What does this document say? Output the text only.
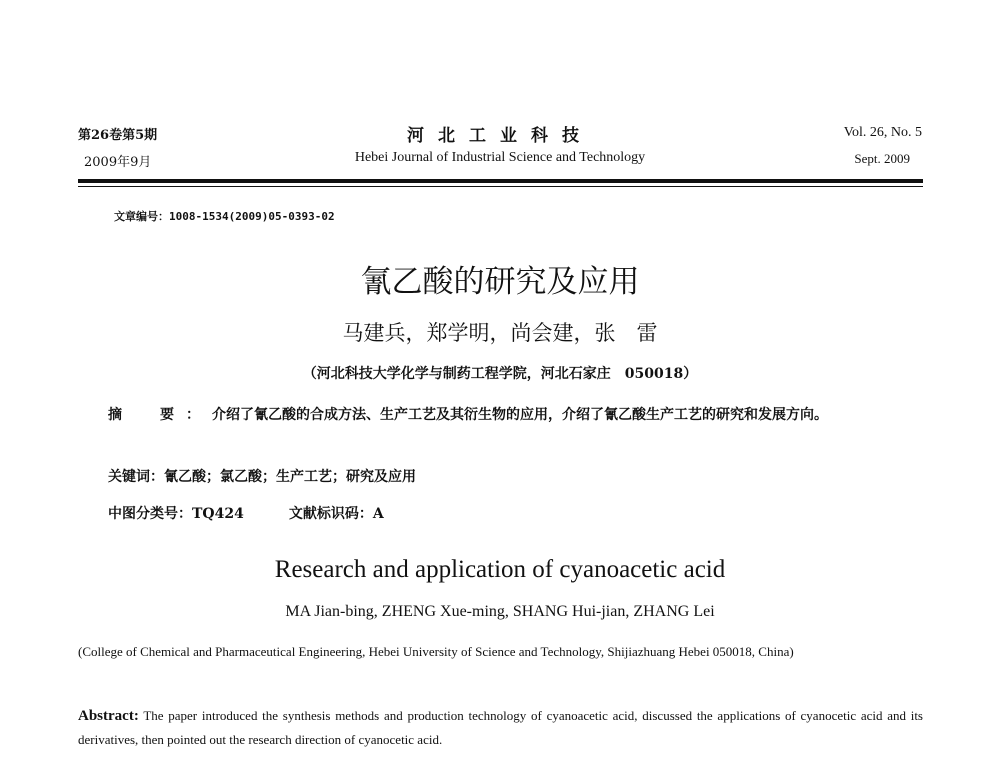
第26卷第5期
2009年9月
河北工业科技
Hebei Journal of Industrial Science and Technology
Vol. 26, No. 5
Sept. 2009
文章编号：1008-1534(2009)05-0393-02
氰乙酸的研究及应用
马建兵，郑学明，尚会建，张　雷
（河北科技大学化学与制药工程学院，河北石家庄　050018）
摘　要：介绍了氰乙酸的合成方法、生产工艺及其衍生物的应用，介绍了氰乙酸生产工艺的研究和发展方向。
关键词：氰乙酸；氯乙酸；生产工艺；研究及应用
中图分类号：TQ424	文献标识码：A
Research and application of cyanoacetic acid
MA Jian-bing, ZHENG Xue-ming, SHANG Hui-jian, ZHANG Lei
(College of Chemical and Pharmaceutical Engineering, Hebei University of Science and Technology, Shijiazhuang Hebei 050018, China)
Abstract: The paper introduced the synthesis methods and production technology of cyanoacetic acid, discussed the applications of cyanocetic acid and its derivatives, then pointed out the research direction of cyanocetic acid.
